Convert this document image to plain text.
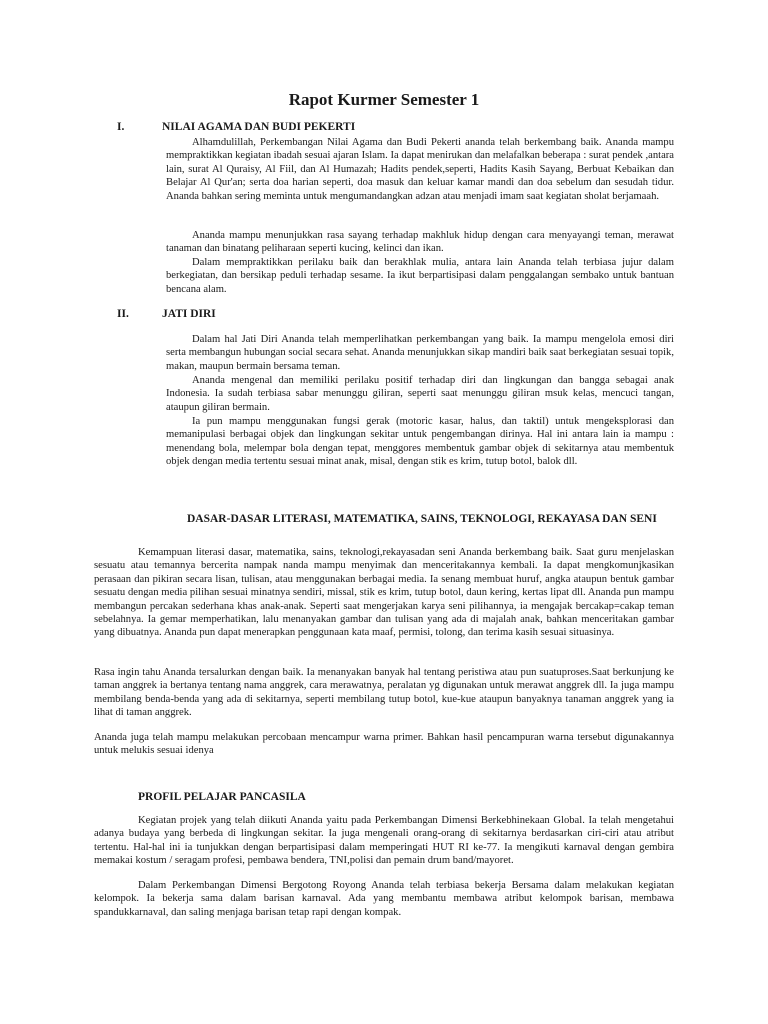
Rapot Kurmer Semester 1
I.	NILAI AGAMA DAN BUDI PEKERTI

Alhamdulillah, Perkembangan Nilai Agama dan Budi Pekerti ananda telah berkembang baik. Ananda mampu mempraktikkan kegiatan ibadah sesuai ajaran Islam. Ia dapat menirukan dan melafalkan beberapa : surat pendek ,antara lain, surat Al Quraisy, Al Fiil, dan Al Humazah; Hadits pendek,seperti, Hadits Kasih Sayang, Berbuat Kebaikan dan Belajar Al Qur'an; serta doa harian seperti, doa masuk dan keluar kamar mandi dan doa sebelum dan sesudah tidur. Ananda bahkan sering meminta untuk mengumandangkan adzan atau menjadi imam saat kegiatan sholat berjamaah.

Ananda mampu menunjukkan rasa sayang terhadap makhluk hidup dengan cara menyayangi teman, merawat tanaman dan binatang peliharaan seperti kucing, kelinci dan ikan.

Dalam mempraktikkan perilaku baik dan berakhlak mulia, antara lain Ananda telah terbiasa jujur dalam berkegiatan, dan bersikap peduli terhadap sesame. Ia ikut berpartisipasi dalam penggalangan sembako untuk bantuan bencana alam.

II.	JATI DIRI

Dalam hal Jati Diri Ananda telah memperlihatkan perkembangan yang baik. Ia mampu mengelola emosi diri serta membangun hubungan social secara sehat. Ananda menunjukkan sikap mandiri baik saat berkegiatan sesuai topik, makan, maupun bermain bersama teman.

Ananda mengenal dan memiliki perilaku positif terhadap diri dan lingkungan dan bangga sebagai anak Indonesia. Ia sudah terbiasa sabar menunggu giliran, seperti saat menunggu giliran msuk kelas, mencuci tangan, ataupun giliran bermain.

Ia pun mampu menggunakan fungsi gerak (motoric kasar, halus, dan taktil) untuk mengeksplorasi dan memanipulasi berbagai objek dan lingkungan sekitar untuk pengembangan dirinya. Hal ini antara lain ia mampu : menendang bola, melempar bola dengan tepat, menggores membentuk gambar objek di sekitarnya atau membentuk objek dengan media tertentu sesuai minat anak, misal, dengan stik es krim, tutup botol, balok dll.

DASAR-DASAR LITERASI, MATEMATIKA, SAINS, TEKNOLOGI, REKAYASA DAN SENI

Kemampuan literasi dasar, matematika, sains, teknologi,rekayasadan seni Ananda berkembang baik. Saat guru menjelaskan sesuatu atau temannya bercerita nampak nanda mampu menyimak dan menceritakannya kembali. Ia dapat mengkomunjkasikan perasaan dan pikiran secara lisan, tulisan, atau menggunakan berbagai media. Ia senang membuat huruf, angka ataupun bentuk gambar sesuatu dengan media pilihan sesuai minatnya sendiri, missal, stik es krim, tutup botol, daun kering, kertas lipat dll. Ananda pun mampu membangun percakan sederhana khas anak-anak. Seperti saat mengerjakan karya seni pilihannya, ia mengajak bercakap=cakap teman sebelahnya. Ia gemar memperhatikan, lalu menanyakan gambar dan tulisan yang ada di majalah anak, bahkan menceritakan gambar yang dibuatnya. Ananda pun dapat menerapkan penggunaan kata maaf, permisi, tolong, dan terima kasih sesuai situasinya.

Rasa ingin tahu Ananda tersalurkan dengan baik. Ia menanyakan banyak hal tentang peristiwa atau pun suatuproses.Saat berkunjung ke taman anggrek ia bertanya tentang nama anggrek, cara merawatnya, peralatan yg digunakan untuk merawat anggrek dll. Ia juga mampu membilang benda-benda yang ada di sekitarnya, seperti membilang tutup botol, kue-kue ataupun banyaknya tanaman anggrek yang ia lihat di taman anggrek.

Ananda juga telah mampu melakukan percobaan mencampur warna primer. Bahkan hasil pencampuran warna tersebut digunakannya untuk melukis sesuai idenya

PROFIL PELAJAR PANCASILA

Kegiatan projek yang telah diikuti Ananda yaitu pada Perkembangan Dimensi Berkebhinekaan Global. Ia telah mengetahui adanya budaya yang berbeda di lingkungan sekitar. Ia juga mengenali orang-orang di sekitarnya berdasarkan ciri-ciri atau atribut tertentu. Hal-hal ini ia tunjukkan dengan berpartisipasi dalam memperingati HUT RI ke-77. Ia mengikuti karnaval dengan gembira memakai kostum / seragam profesi, pembawa bendera, TNI,polisi dan pemain drum band/mayoret.

Dalam Perkembangan Dimensi Bergotong Royong Ananda telah terbiasa bekerja Bersama dalam melakukan kegiatan kelompok. Ia bekerja sama dalam barisan karnaval. Ada yang membantu membawa atribut kelompok barisan, membawa spandukkarnaval, dan saling menjaga barisan tetap rapi dengan kompak.
